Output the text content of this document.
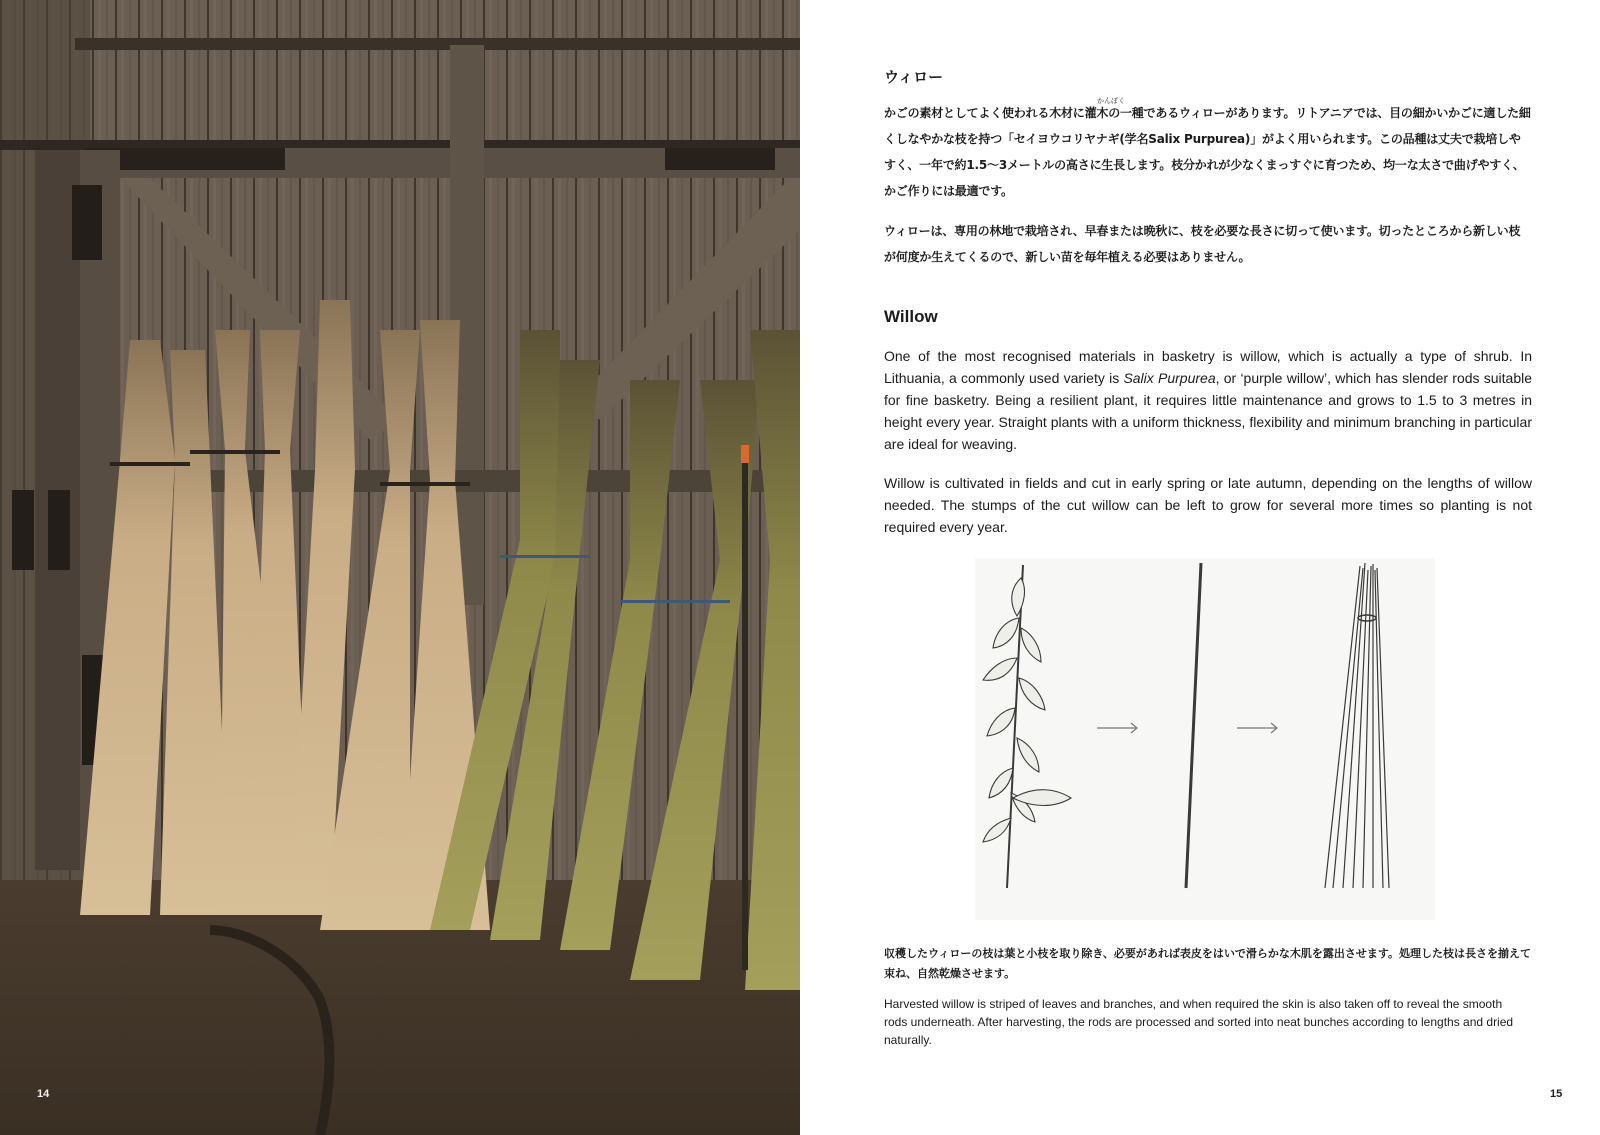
14
ウィロー
かんぼく
かごの素材としてよく使われる木材に灌木の一種であるウィローがあります。リトアニアでは、目の細かいかごに適した細くしなやかな枝を持つ「セイヨウコリヤナギ(学名Salix Purpurea)」がよく用いられます。この品種は丈夫で栽培しやすく、一年で約1.5〜3メートルの高さに生長します。枝分かれが少なくまっすぐに育つため、均一な太さで曲げやすく、かご作りには最適です。
ウィローは、専用の林地で栽培され、早春または晩秋に、枝を必要な長さに切って使います。切ったところから新しい枝が何度か生えてくるので、新しい苗を毎年植える必要はありません。
Willow
One of the most recognised materials in basketry is willow, which is actually a type of shrub. In Lithuania, a commonly used variety is Salix Purpurea, or ‘purple willow’, which has slender rods suitable for fine basketry. Being a resilient plant, it requires little maintenance and grows to 1.5 to 3 metres in height every year. Straight plants with a uniform thickness, flexibility and minimum branching in particular are ideal for weaving.
Willow is cultivated in fields and cut in early spring or late autumn, depending on the lengths of willow needed. The stumps of the cut willow can be left to grow for several more times so planting is not required every year.
収穫したウィローの枝は葉と小枝を取り除き、必要があれば表皮をはいで滑らかな木肌を露出させます。処理した枝は長さを揃えて束ね、自然乾燥させます。
Harvested willow is striped of leaves and branches, and when required the skin is also taken off to reveal the smooth rods underneath. After harvesting, the rods are processed and sorted into neat bunches according to lengths and dried naturally.
15
